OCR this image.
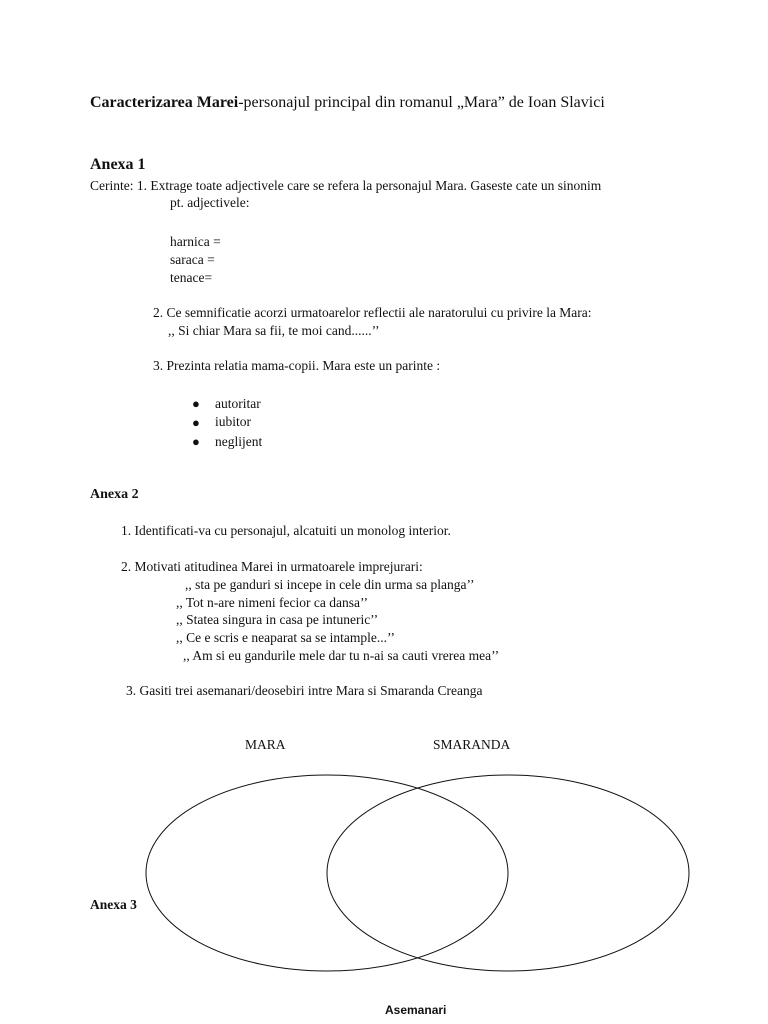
Caracterizarea Marei-personajul principal din romanul „Mara” de Ioan Slavici
Anexa 1
Cerinte: 1. Extrage toate adjectivele care se refera la personajul Mara. Gaseste cate un sinonim
pt. adjectivele:
harnica =
saraca =
tenace=
2. Ce semnificatie acorzi urmatoarelor reflectii ale naratorului cu privire la Mara:
,, Si chiar Mara sa fii, te moi cand......’’
3. Prezinta relatia mama-copii. Mara este un parinte :
● autoritar
● iubitor
● neglijent
Anexa 2
1. Identificati-va cu personajul, alcatuiti un monolog interior.
2. Motivati atitudinea Marei in urmatoarele imprejurari:
,, sta pe ganduri si incepe in cele din urma sa planga’’
,, Tot n-are nimeni fecior ca dansa’’
,, Statea singura in casa pe intuneric’’
,, Ce e scris e neaparat sa se intample...’’
,, Am si eu gandurile mele dar tu n-ai sa cauti vrerea mea’’
3. Gasiti trei asemanari/deosebiri intre Mara si Smaranda Creanga
MARA	SMARANDA
Anexa 3
Asemanari
